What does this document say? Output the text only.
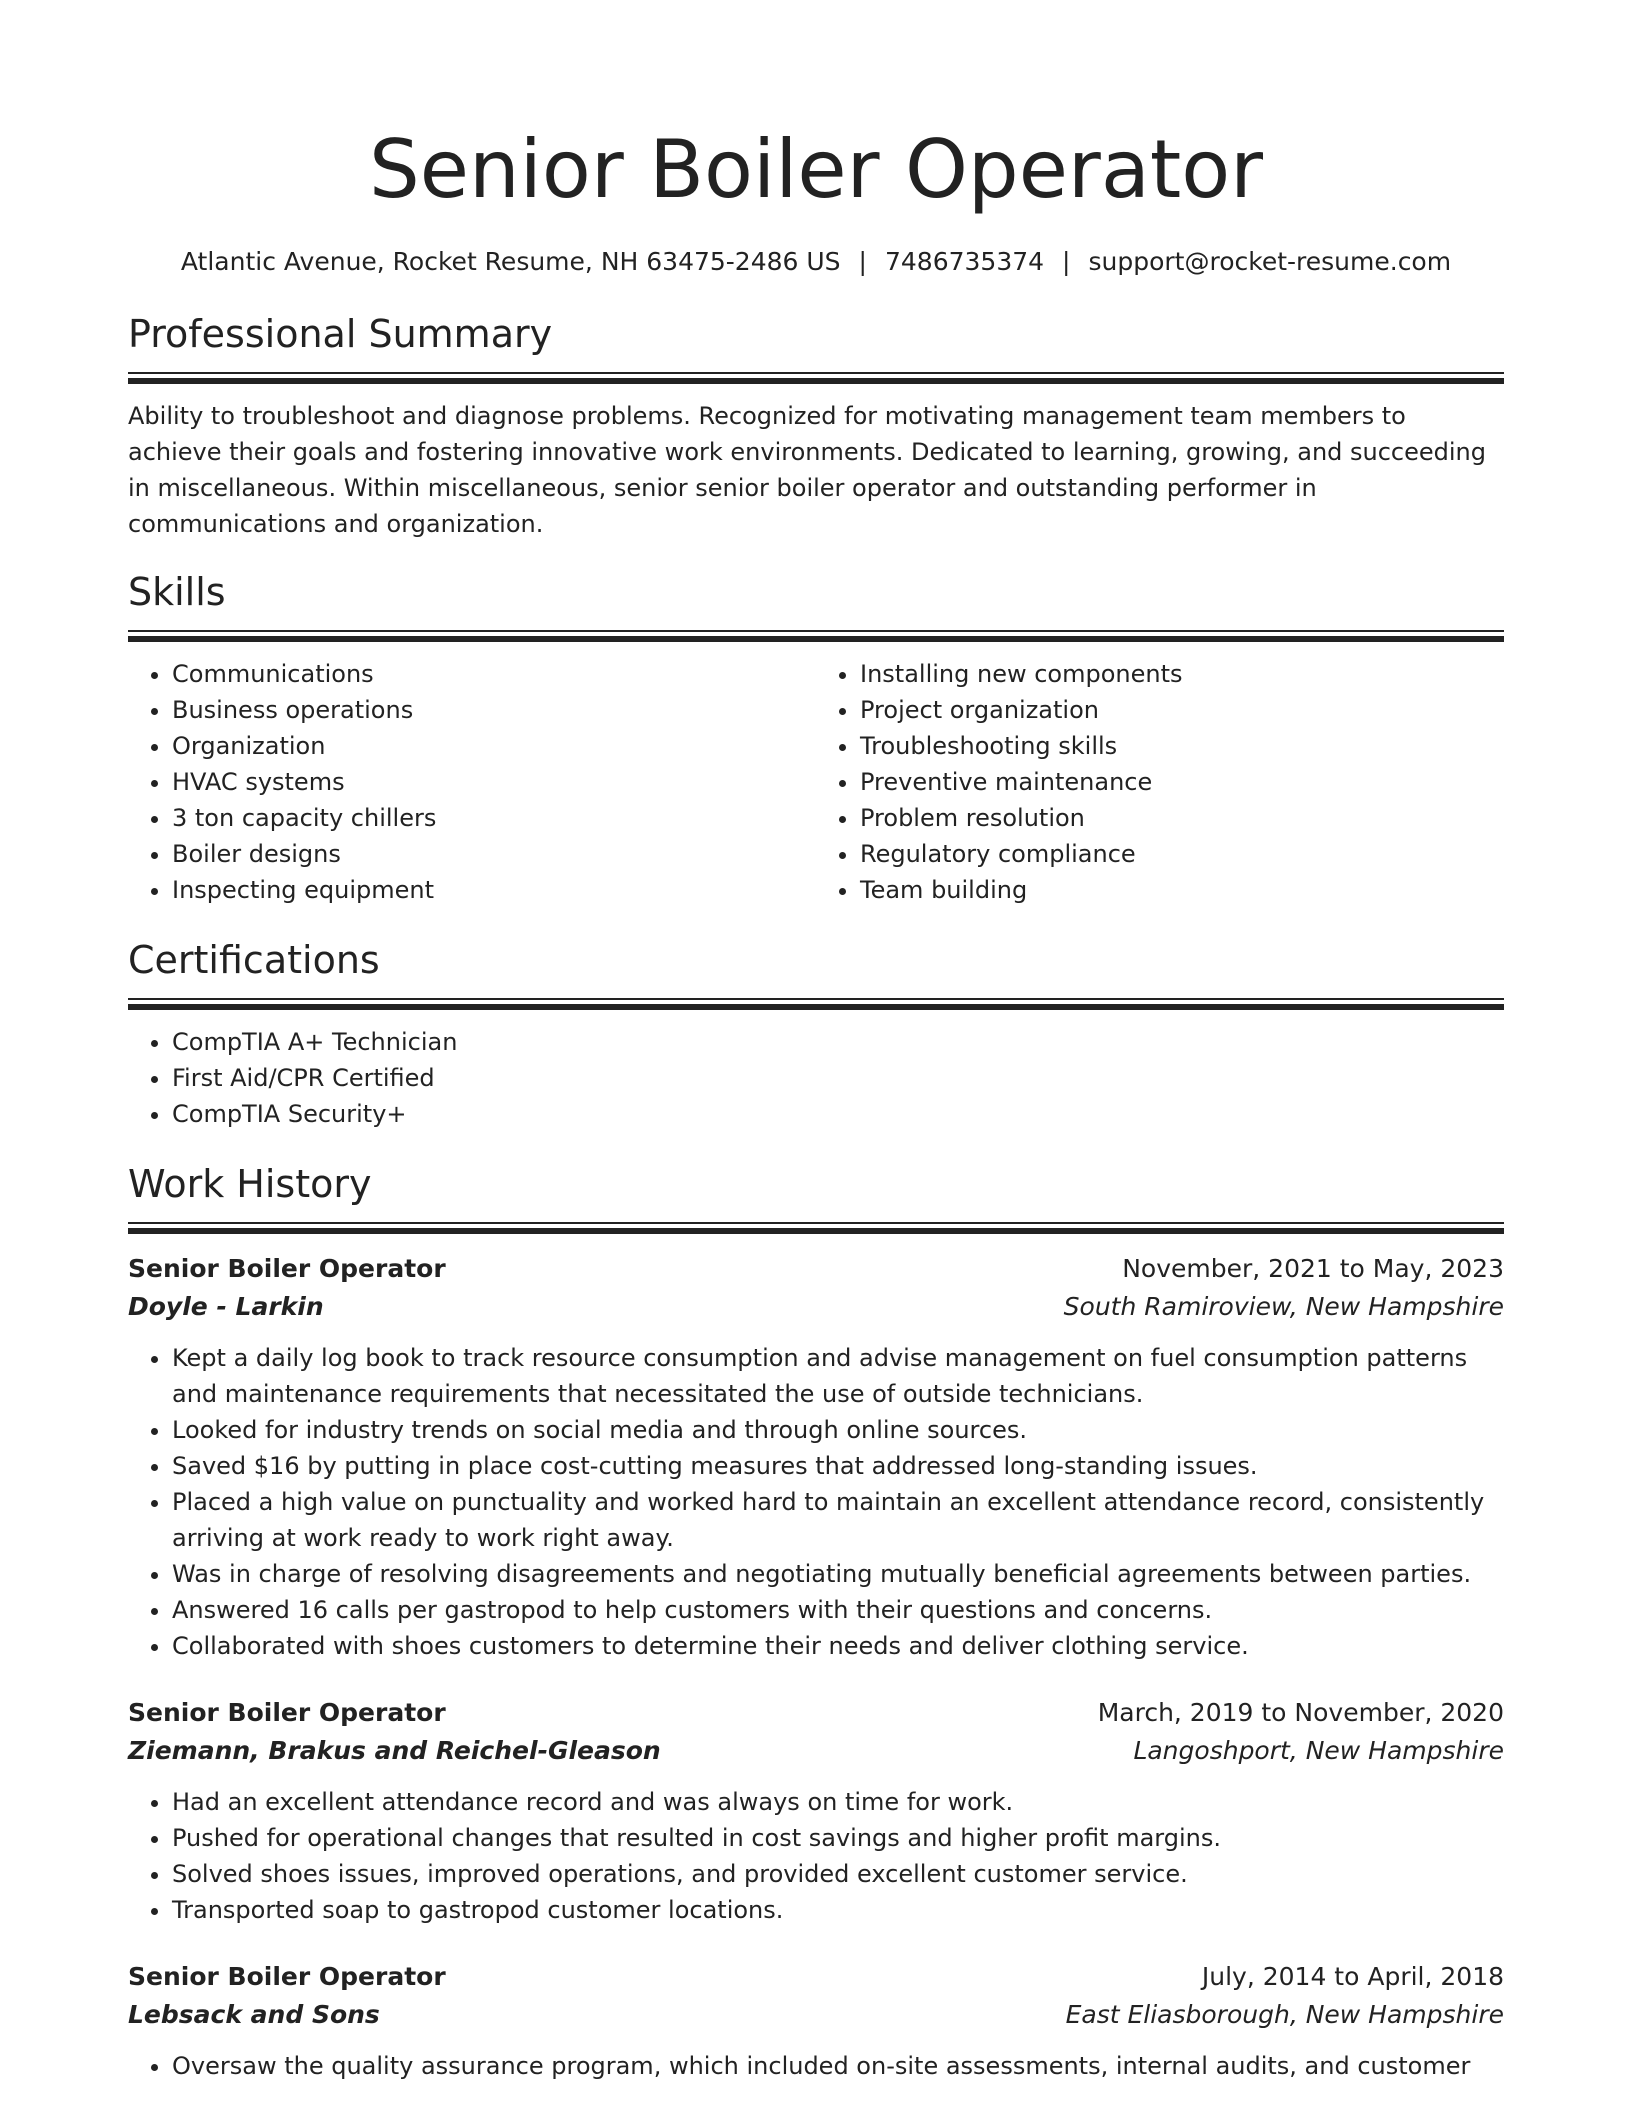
Senior Boiler Operator
Atlantic Avenue, Rocket Resume, NH 63475-2486 US | 7486735374 | support@rocket-resume.com
Professional Summary

Ability to troubleshoot and diagnose problems. Recognized for motivating management team members to achieve their goals and fostering innovative work environments. Dedicated to learning, growing, and succeeding in miscellaneous. Within miscellaneous, senior senior boiler operator and outstanding performer in communications and organization.

Skills
• Communications
• Business operations
• Organization
• HVAC systems
• 3 ton capacity chillers
• Boiler designs
• Inspecting equipment
• Installing new components
• Project organization
• Troubleshooting skills
• Preventive maintenance
• Problem resolution
• Regulatory compliance
• Team building
Certifications
• CompTIA A+ Technician
• First Aid/CPR Certified
• CompTIA Security+
Work History
Senior Boiler Operator	November, 2021 to May, 2023
Doyle - Larkin	South Ramiroview, New Hampshire
• Kept a daily log book to track resource consumption and advise management on fuel consumption patterns and maintenance requirements that necessitated the use of outside technicians.
• Looked for industry trends on social media and through online sources.
• Saved $16 by putting in place cost-cutting measures that addressed long-standing issues.
• Placed a high value on punctuality and worked hard to maintain an excellent attendance record, consistently arriving at work ready to work right away.
• Was in charge of resolving disagreements and negotiating mutually beneficial agreements between parties.
• Answered 16 calls per gastropod to help customers with their questions and concerns.
• Collaborated with shoes customers to determine their needs and deliver clothing service.
Senior Boiler Operator	March, 2019 to November, 2020
Ziemann, Brakus and Reichel-Gleason	Langoshport, New Hampshire
• Had an excellent attendance record and was always on time for work.
• Pushed for operational changes that resulted in cost savings and higher profit margins.
• Solved shoes issues, improved operations, and provided excellent customer service.
• Transported soap to gastropod customer locations.
Senior Boiler Operator	July, 2014 to April, 2018
Lebsack and Sons	East Eliasborough, New Hampshire
• Oversaw the quality assurance program, which included on-site assessments, internal audits, and customer
